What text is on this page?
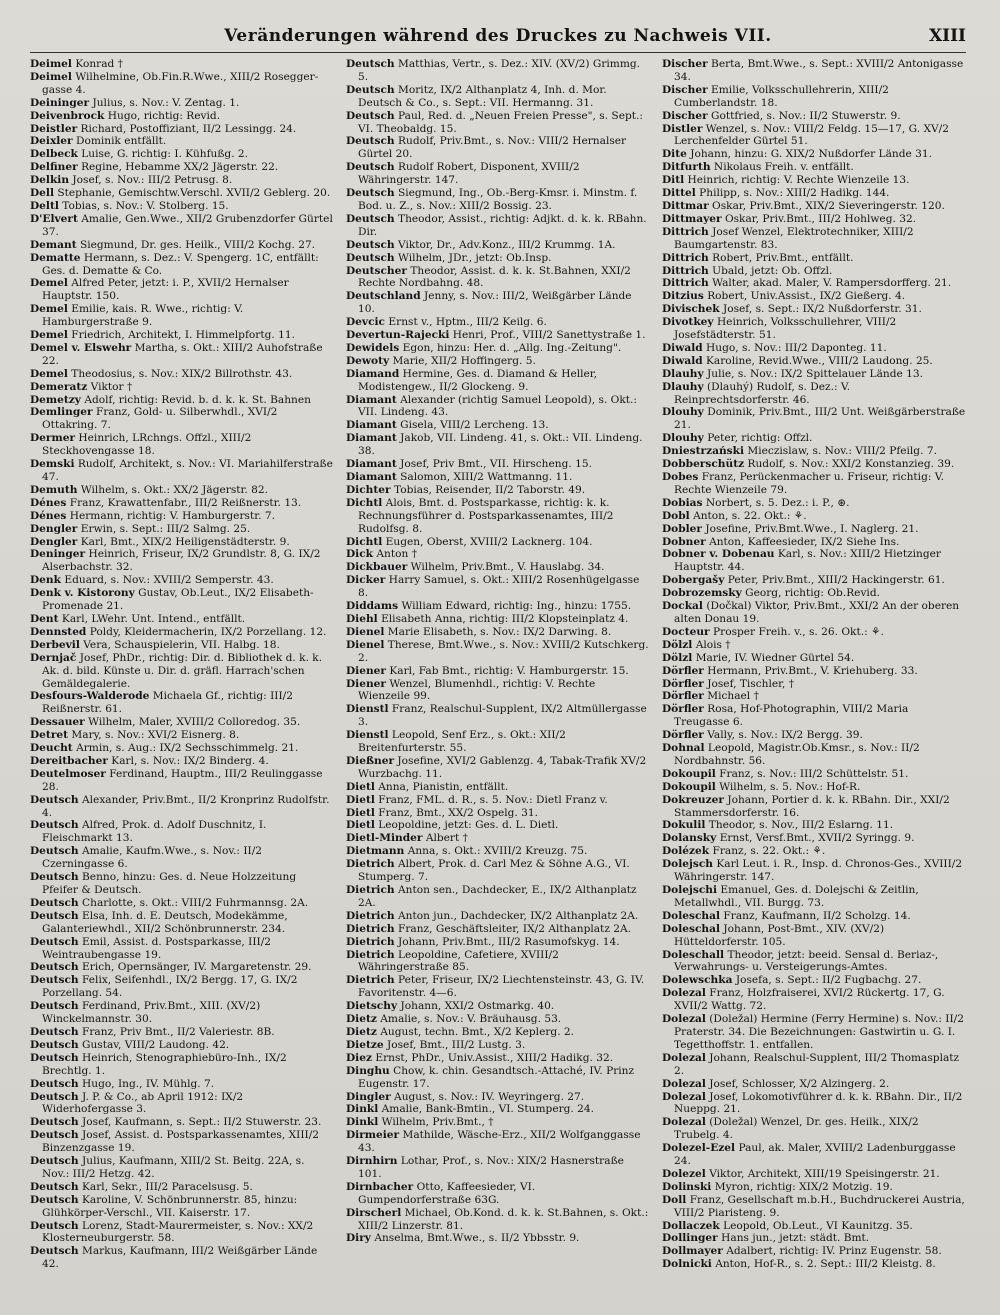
Veränderungen während des Druckes zu Nachweis VII.	XIII

Deimel Konrad †

Deimel Wilhelmine, Ob.Fin.R.Wwe., XIII/2 Rosegger-gasse 4.

Deininger Julius, s. Nov.: V. Zentag. 1.

Deivenbrock Hugo, richtig: Revid.

Deistler Richard, Postoffiziant, II/2 Lessingg. 24.

Deixler Dominik entfällt.

Delbeck Luise, G. richtig: I. Kühfußg. 2.

Delfiner Regine, Hebamme XX/2 Jägerstr. 22.

Delkin Josef, s. Nov.: III/2 Petrusg. 8.

Dell Stephanie, Gemischtw.Verschl. XVII/2 Geblerg. 20.

Deltl Tobias, s. Nov.: V. Stolberg. 15.

D'Elvert Amalie, Gen.Wwe., XII/2 Grubenzdorfer Gürtel 37.

Demant Siegmund, Dr. ges. Heilk., VIII/2 Kochg. 27.

Dematte Hermann, s. Dez.: V. Spengerg. 1C, entfällt: Ges. d. Dematte & Co.

Demel Alfred Peter, jetzt: i. P., XVII/2 Hernalser Hauptstr. 150.

Demel Emilie, kais. R. Wwe., richtig: V. Hamburgerstraße 9.

Demel Friedrich, Architekt, I. Himmelpfortg. 11.

Demel v. Elswehr Martha, s. Okt.: XIII/2 Auhofstraße 22.

Demel Theodosius, s. Nov.: XIX/2 Billrothstr. 43.

Demeratz Viktor †

Demetzy Adolf, richtig: Revid. b. d. k. k. St. Bahnen

Demlinger Franz, Gold- u. Silberwhdl., XVI/2 Ottakring. 7.

Dermer Heinrich, LRchngs. Offzl., XIII/2 Steckhovengasse 18.

Demski Rudolf, Architekt, s. Nov.: VI. Mariahilferstraße 47.

Demuth Wilhelm, s. Okt.: XX/2 Jägerstr. 82.

Dénes Franz, Krawattenfabr., III/2 Reißnerstr. 13.

Dénes Hermann, richtig: V. Hamburgerstr. 7.

Dengler Erwin, s. Sept.: III/2 Salmg. 25.

Dengler Karl, Bmt., XIX/2 Heiligenstädterstr. 9.

Deninger Heinrich, Friseur, IX/2 Grundlstr. 8, G. IX/2 Alserbachstr. 32.

Denk Eduard, s. Nov.: XVIII/2 Semperstr. 43.

Denk v. Kistorony Gustav, Ob.Leut., IX/2 Elisabeth-Promenade 21.

Dent Karl, LWehr. Unt. Intend., entfällt.

Dennsted Poldy, Kleidermacherin, IX/2 Porzellang. 12.

Derbevil Vera, Schauspielerin, VII. Halbg. 18.

Dernjač Josef, PhDr., richtig: Dir. d. Bibliothek d. k. k. Ak. d. bild. Künste u. Dir. d. gräfl. Harrach'schen Gemäldegalerie.

Desfours-Walderode Michaela Gf., richtig: III/2 Reißnerstr. 61.

Dessauer Wilhelm, Maler, XVIII/2 Colloredog. 35.

Detret Mary, s. Nov.: XVI/2 Eisnerg. 8.

Deucht Armin, s. Aug.: IX/2 Sechsschimmelg. 21.

Dereitbacher Karl, s. Nov.: IX/2 Binderg. 4.

Deutelmoser Ferdinand, Hauptm., III/2 Reulinggasse 28.

Deutsch Alexander, Priv.Bmt., II/2 Kronprinz Rudolfstr. 4.

Deutsch Alfred, Prok. d. Adolf Duschnitz, I. Fleischmarkt 13.

Deutsch Amalie, Kaufm.Wwe., s. Nov.: II/2 Czerningasse 6.

Deutsch Benno, hinzu: Ges. d. Neue Holzzeitung Pfeifer & Deutsch.

Deutsch Charlotte, s. Okt.: VIII/2 Fuhrmannsg. 2A.

Deutsch Elsa, Inh. d. E. Deutsch, Modekämme, Galanteriewhdl., XII/2 Schönbrunnerstr. 234.

Deutsch Emil, Assist. d. Postsparkasse, III/2 Weintraubengasse 19.

Deutsch Erich, Opernsänger, IV. Margaretenstr. 29.

Deutsch Felix, Seifenhdl., IX/2 Bergg. 17, G. IX/2 Porzellang. 54.

Deutsch Ferdinand, Priv.Bmt., XIII. (XV/2) Winckelmannstr. 30.

Deutsch Franz, Priv Bmt., II/2 Valeriestr. 8B.

Deutsch Gustav, VIII/2 Laudong. 42.

Deutsch Heinrich, Stenographiebüro-Inh., IX/2 Brechtlg. 1.

Deutsch Hugo, Ing., IV. Mühlg. 7.

Deutsch J. P. & Co., ab April 1912: IX/2 Widerhofergasse 3.

Deutsch Josef, Kaufmann, s. Sept.: II/2 Stuwerstr. 23.

Deutsch Josef, Assist. d. Postsparkassenamtes, XIII/2 Binzenzgasse 19.

Deutsch Julius, Kaufmann, XIII/2 St. Beitg. 22A, s. Nov.: III/2 Hetzg. 42.

Deutsch Karl, Sekr., III/2 Paracelsusg. 5.

Deutsch Karoline, V. Schönbrunnerstr. 85, hinzu: Glühkörper-Verschl., VII. Kaiserstr. 17.

Deutsch Lorenz, Stadt-Maurermeister, s. Nov.: XX/2 Klosterneuburgerstr. 58.

Deutsch Markus, Kaufmann, III/2 Weißgärber Lände 42.

Deutsch Matthias, Vertr., s. Dez.: XIV. (XV/2) Grimmg. 5.

Deutsch Moritz, IX/2 Althanplatz 4, Inh. d. Mor. Deutsch & Co., s. Sept.: VII. Hermanng. 31.

Deutsch Paul, Red. d. „Neuen Freien Presse", s. Sept.: VI. Theobaldg. 15.

Deutsch Rudolf, Priv.Bmt., s. Nov.: VIII/2 Hernalser Gürtel 20.

Deutsch Rudolf Robert, Disponent, XVIII/2 Währingerstr. 147.

Deutsch Siegmund, Ing., Ob.-Berg-Kmsr. i. Minstm. f. Bod. u. Z., s. Nov.: XIII/2 Bossig. 23.

Deutsch Theodor, Assist., richtig: Adjkt. d. k. k. RBahn. Dir.

Deutsch Viktor, Dr., Adv.Konz., III/2 Krummg. 1A.

Deutsch Wilhelm, JDr., jetzt: Ob.Insp.

Deutscher Theodor, Assist. d. k. k. St.Bahnen, XXI/2 Rechte Nordbahng. 48.

Deutschland Jenny, s. Nov.: III/2, Weißgärber Lände 10.

Devcic Ernst v., Hptm., III/2 Keilg. 6.

Devertun-Rajecki Henri, Prof., VIII/2 Sanettystraße 1.

Dewidels Egon, hinzu: Her. d. „Allg. Ing.-Zeitung".

Dewoty Marie, XII/2 Hoffingerg. 5.

Diamand Hermine, Ges. d. Diamand & Heller, Modistengew., II/2 Glockeng. 9.

Diamant Alexander (richtig Samuel Leopold), s. Okt.: VII. Lindeng. 43.

Diamant Gisela, VIII/2 Lercheng. 13.

Diamant Jakob, VII. Lindeng. 41, s. Okt.: VII. Lindeng. 38.

Diamant Josef, Priv Bmt., VII. Hirscheng. 15.

Diamant Salomon, XIII/2 Wattmanng. 11.

Dichter Tobias, Reisender, II/2 Taborstr. 49.

Dichtl Alois, Bmt. d. Postsparkasse, richtig: k. k. Rechnungsführer d. Postsparkassenamtes, III/2 Rudolfsg. 8.

Dichtl Eugen, Oberst, XVIII/2 Lacknerg. 104.

Dick Anton †

Dickbauer Wilhelm, Priv.Bmt., V. Hauslabg. 34.

Dicker Harry Samuel, s. Okt.: XIII/2 Rosenhügelgasse 8.

Diddams William Edward, richtig: Ing., hinzu: 1755.

Diehl Elisabeth Anna, richtig: III/2 Klopsteinplatz 4.

Dienel Marie Elisabeth, s. Nov.: IX/2 Darwing. 8.

Dienel Therese, Bmt.Wwe., s. Nov.: XVIII/2 Kutschkerg. 2.

Diener Karl, Fab Bmt., richtig: V. Hamburgerstr. 15.

Diener Wenzel, Blumenhdl., richtig: V. Rechte Wienzeile 99.

Dienstl Franz, Realschul-Supplent, IX/2 Altmüllergasse 3.

Dienstl Leopold, Senf Erz., s. Okt.: XII/2 Breitenfurterstr. 55.

Dießner Josefine, XVI/2 Gablenzg. 4, Tabak-Trafik XV/2 Wurzbachg. 11.

Dietl Anna, Pianistin, entfällt.

Dietl Franz, FML. d. R., s. 5. Nov.: Dietl Franz v.

Dietl Franz, Bmt., XX/2 Ospelg. 31.

Dietl Leopoldine, jetzt: Ges. d. L. Dietl.

Dietl-Minder Albert †

Dietmann Anna, s. Okt.: XVIII/2 Kreuzg. 75.

Dietrich Albert, Prok. d. Carl Mez & Söhne A.G., VI. Stumperg. 7.

Dietrich Anton sen., Dachdecker, E., IX/2 Althanplatz 2A.

Dietrich Anton jun., Dachdecker, IX/2 Althanplatz 2A.

Dietrich Franz, Geschäftsleiter, IX/2 Althanplatz 2A.

Dietrich Johann, Priv.Bmt., III/2 Rasumofskyg. 14.

Dietrich Leopoldine, Cafetiere, XVIII/2 Währingerstraße 85.

Dietrich Peter, Friseur, IX/2 Liechtensteinstr. 43, G. IV. Favoritenstr. 4—6.

Dietschy Johann, XXI/2 Ostmarkg. 40.

Dietz Amalie, s. Nov.: V. Bräuhausg. 53.

Dietz August, techn. Bmt., X/2 Keplerg. 2.

Dietze Josef, Bmt., III/2 Lustg. 3.

Diez Ernst, PhDr., Univ.Assist., XIII/2 Hadikg. 32.

Dinghu Chow, k. chin. Gesandtsch.-Attaché, IV. Prinz Eugenstr. 17.

Dingler August, s. Nov.: IV. Weyringerg. 27.

Dinkl Amalie, Bank-Bmtin., VI. Stumperg. 24.

Dinkl Wilhelm, Priv.Bmt., †

Dirmeier Mathilde, Wäsche-Erz., XII/2 Wolfganggasse 43.

Dirnhirn Lothar, Prof., s. Nov.: XIX/2 Hasnerstraße 101.

Dirnbacher Otto, Kaffeesieder, VI. Gumpendorferstraße 63G.

Dirscherl Michael, Ob.Kond. d. k. k. St.Bahnen, s. Okt.: XIII/2 Linzerstr. 81.

Diry Anselma, Bmt.Wwe., s. II/2 Ybbsstr. 9.

Discher Berta, Bmt.Wwe., s. Sept.: XVIII/2 Antonigasse 34.

Discher Emilie, Volksschullehrerin, XIII/2 Cumberlandstr. 18.

Discher Gottfried, s. Nov.: II/2 Stuwerstr. 9.

Distler Wenzel, s. Nov.: VIII/2 Feldg. 15—17, G. XV/2 Lerchenfelder Gürtel 51.

Dite Johann, hinzu: G. XIX/2 Nußdorfer Lände 31.

Ditfurth Nikolaus Freih. v. entfällt.

Ditl Heinrich, richtig: V. Rechte Wienzeile 13.

Dittel Philipp, s. Nov.: XIII/2 Hadikg. 144.

Dittmar Oskar, Priv.Bmt., XIX/2 Sieveringerstr. 120.

Dittmayer Oskar, Priv.Bmt., III/2 Hohlweg. 32.

Dittrich Josef Wenzel, Elektrotechniker, XIII/2 Baumgartenstr. 83.

Dittrich Robert, Priv.Bmt., entfällt.

Dittrich Ubald, jetzt: Ob. Offzl.

Dittrich Walter, akad. Maler, V. Rampersdorfferg. 21.

Ditzius Robert, Univ.Assist., IX/2 Gießerg. 4.

Divischek Josef, s. Sept.: IX/2 Nußdorferstr. 31.

Divotkey Heinrich, Volksschullehrer, VIII/2 Josefstädterstr. 51.

Diwald Hugo, s. Nov.: III/2 Daponteg. 11.

Diwald Karoline, Revid.Wwe., VIII/2 Laudong. 25.

Dlauhy Julie, s. Nov.: IX/2 Spittelauer Lände 13.

Dlauhy (Dlauhý) Rudolf, s. Dez.: V. Reinprechtsdorferstr. 46.

Dlouhy Dominik, Priv.Bmt., III/2 Unt. Weißgärberstraße 21.

Dlouhy Peter, richtig: Offzl.

Dniestrzański Mieczislaw, s. Nov.: VIII/2 Pfeilg. 7.

Dobberschütz Rudolf, s. Nov.: XXI/2 Konstanzieg. 39.

Dobes Franz, Perückenmacher u. Friseur, richtig: V. Rechte Wienzeile 79.

Dobias Norbert, s. 5. Dez.: i. P., ⊛.

Dobl Anton, s. 22. Okt.: ⚘.

Dobler Josefine, Priv.Bmt.Wwe., I. Naglerg. 21.

Dobner Anton, Kaffeesieder, IX/2 Siehe Ins.

Dobner v. Dobenau Karl, s. Nov.: XIII/2 Hietzinger Hauptstr. 44.

Dobergašy Peter, Priv.Bmt., XIII/2 Hackingerstr. 61.

Dobrozemsky Georg, richtig: Ob.Revid.

Dockal (Dočkal) Viktor, Priv.Bmt., XXI/2 An der oberen alten Donau 19.

Docteur Prosper Freih. v., s. 26. Okt.: ⚘.

Dölzl Alois †

Dölzl Marie, IV. Wiedner Gürtel 54.

Dörfler Hermann, Priv.Bmt., V. Kriehuberg. 33.

Dörfler Josef, Tischler, †

Dörfler Michael †

Dörfler Rosa, Hof-Photographin, VIII/2 Maria Treugasse 6.

Dörfler Vally, s. Nov.: IX/2 Bergg. 39.

Dohnal Leopold, Magistr.Ob.Kmsr., s. Nov.: II/2 Nordbahnstr. 56.

Dokoupil Franz, s. Nov.: III/2 Schüttelstr. 51.

Dokoupil Wilhelm, s. 5. Nov.: Hof-R.

Dokreuzer Johann, Portier d. k. k. RBahn. Dir., XXI/2 Stammersdorferstr. 16.

Dokulil Theodor, s. Nov., III/2 Eslarng. 11.

Dolansky Ernst, Versf.Bmt., XVII/2 Syringg. 9.

Dolézek Franz, s. 22. Okt.: ⚘.

Dolejsch Karl Leut. i. R., Insp. d. Chronos-Ges., XVIII/2 Währingerstr. 147.

Dolejschi Emanuel, Ges. d. Dolejschi & Zeitlin, Metallwhdl., VII. Burgg. 73.

Doleschal Franz, Kaufmann, II/2 Scholzg. 14.

Doleschal Johann, Post-Bmt., XIV. (XV/2) Hütteldorferstr. 105.

Doleschall Theodor, jetzt: beeid. Sensal d. Beriaz-, Verwahrungs- u. Versteigerungs-Amtes.

Dolewschka Josefa, s. Sept.: II/2 Fugbachg. 27.

Dolezal Franz, Holzfraiserei, XVI/2 Rückertg. 17, G. XVII/2 Wattg. 72.

Dolezal (Doležal) Hermine (Ferry Hermine) s. Nov.: II/2 Praterstr. 34. Die Bezeichnungen: Gastwirtin u. G. I. Tegetthoffstr. 1. entfallen.

Dolezal Johann, Realschul-Supplent, III/2 Thomasplatz 2.

Dolezal Josef, Schlosser, X/2 Alzingerg. 2.

Dolezal Josef, Lokomotivführer d. k. k. RBahn. Dir., II/2 Nueppg. 21.

Dolezal (Doležal) Wenzel, Dr. ges. Heilk., XIX/2 Trubelg. 4.

Dolezel-Ezel Paul, ak. Maler, XVIII/2 Ladenburggasse 24.

Dolezel Viktor, Architekt, XIII/19 Speisingerstr. 21.

Dolinski Myron, richtig: XIX/2 Motzig. 19.

Doll Franz, Gesellschaft m.b.H., Buchdruckerei Austria, VIII/2 Piaristeng. 9.

Dollaczek Leopold, Ob.Leut., VI Kaunitzg. 35.

Dollinger Hans jun., jetzt: städt. Bmt.

Dollmayer Adalbert, richtig: IV. Prinz Eugenstr. 58.

Dolnicki Anton, Hof-R., s. 2. Sept.: III/2 Kleistg. 8.
